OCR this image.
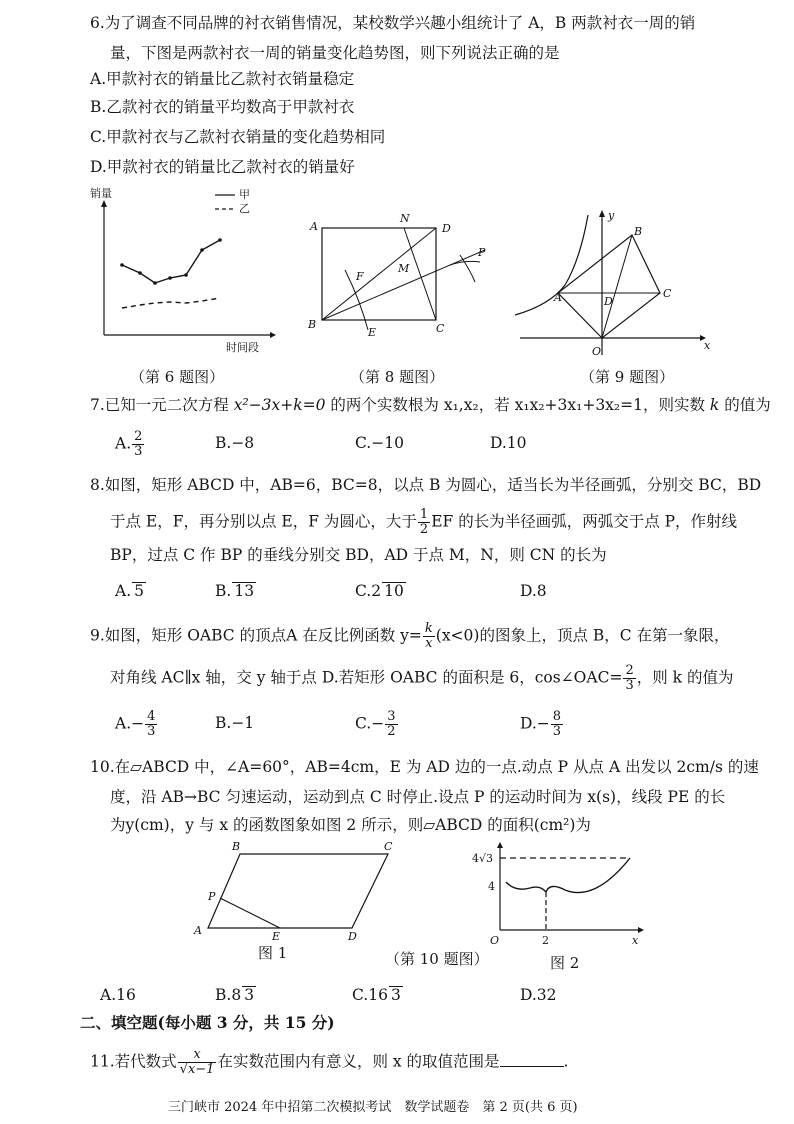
6.为了调查不同品牌的衬衣销售情况，某校数学兴趣小组统计了 A，B 两款衬衣一周的销
量，下图是两款衬衣一周的销量变化趋势图，则下列说法正确的是
A.甲款衬衣的销量比乙款衬衣销量稳定
B.乙款衬衣的销量平均数高于甲款衬衣
C.甲款衬衣与乙款衬衣销量的变化趋势相同
D.甲款衬衣的销量比乙款衬衣的销量好
销量
时间段
甲
乙
（第 6 题图）
A
N
D
F
M
P
B
E	C
（第 8 题图）
y
B
A	D
C
O	x
（第 9 题图）
7.已知一元二次方程 x²−3x+k=0 的两个实数根为 x₁,x₂，若 x₁x₂+3x₁+3x₂=1，则实数 k 的值为
A. $\frac{2}{3}$	B.−8	C.−10	D.10
8.如图，矩形 ABCD 中，AB=6，BC=8，以点 B 为圆心，适当长为半径画弧，分别交 BC，BD
于点 E，F，再分别以点 E，F 为圆心，大于 $\frac{1}{2}$ EF 的长为半径画弧，两弧交于点 P，作射线
BP，过点 C 作 BP 的垂线分别交 BD，AD 于点 M，N，则 CN 的长为
A. 5	B. 13	C.2 10	D.8
9.如图，矩形 OABC 的顶点A 在反比例函数 $y= \frac{k}{x} (x<0)$的图象上，顶点 B，C 在第一象限，
对角线 AC∥x 轴，交 y 轴于点 D.若矩形 OABC 的面积是 6，cos∠OAC= $\frac{2}{3}$ ，则 k 的值为
$A.- \frac{4}{3}$	B.−1	$C.- \frac{3}{2}$	$D.- \frac{8}{3}$
10.在▱ABCD 中，∠A=60°，AB=4cm，E 为 AD 边的一点.动点 P 从点 A 出发以 2cm/s 的速
度，沿 AB→BC 匀速运动，运动到点 C 时停止.设点 P 的运动时间为 x(s)，线段 PE 的长
为y(cm)，y 与 x 的函数图象如图 2 所示，则▱ABCD 的面积(cm²)为
B	C
P
A	E	D
图 1	（第 10 题图）
4√3
4
O	2	x
图 2
A.16	B.8 3	C.16 3	D.32
二、填空题(每小题 3 分，共 15 分)
11.若代数式 $\frac{x}{√x-1}$ 在实数范围内有意义，则 x 的取值范围是	.
三门峡市 2024 年中招第二次模拟考试　数学试题卷　第 2 页(共 6 页)
